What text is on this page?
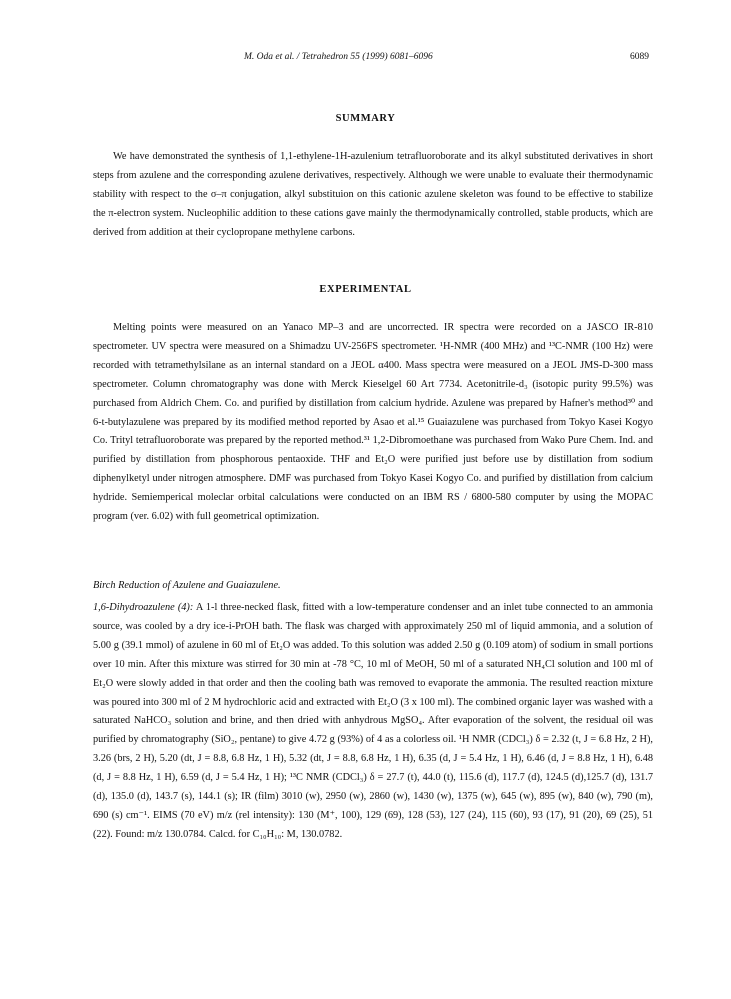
M. Oda et al. / Tetrahedron 55 (1999) 6081–6096	6089
SUMMARY
We have demonstrated the synthesis of 1,1-ethylene-1H-azulenium tetrafluoroborate and its alkyl substituted derivatives in short steps from azulene and the corresponding azulene derivatives, respectively. Although we were unable to evaluate their thermodynamic stability with respect to the σ–π conjugation, alkyl substituion on this cationic azulene skeleton was found to be effective to stabilize the π-electron system. Nucleophilic addition to these cations gave mainly the thermodynamically controlled, stable products, which are derived from addition at their cyclopropane methylene carbons.
EXPERIMENTAL
Melting points were measured on an Yanaco MP–3 and are uncorrected. IR spectra were recorded on a JASCO IR-810 spectrometer. UV spectra were measured on a Shimadzu UV-256FS spectrometer. ¹H-NMR (400 MHz) and ¹³C-NMR (100 Hz) were recorded with tetramethylsilane as an internal standard on a JEOL α400. Mass spectra were measured on a JEOL JMS-D-300 mass spectrometer. Column chromatography was done with Merck Kieselgel 60 Art 7734. Acetonitrile-d₃ (isotopic purity 99.5%) was purchased from Aldrich Chem. Co. and purified by distillation from calcium hydride. Azulene was prepared by Hafner's method³⁰ and 6-t-butylazulene was prepared by its modified method reported by Asao et al.¹⁵ Guaiazulene was purchased from Tokyo Kasei Kogyo Co. Trityl tetrafluoroborate was prepared by the reported method.³¹ 1,2-Dibromoethane was purchased from Wako Pure Chem. Ind. and purified by distillation from phosphorous pentaoxide. THF and Et₂O were purified just before use by distillation from sodium diphenylketyl under nitrogen atmosphere. DMF was purchased from Tokyo Kasei Kogyo Co. and purified by distillation from calcium hydride. Semiemperical moleclar orbital calculations were conducted on an IBM RS / 6800-580 computer by using the MOPAC program (ver. 6.02) with full geometrical optimization.
Birch Reduction of Azulene and Guaiazulene.
1,6-Dihydroazulene (4): A 1-l three-necked flask, fitted with a low-temperature condenser and an inlet tube connected to an ammonia source, was cooled by a dry ice-i-PrOH bath. The flask was charged with approximately 250 ml of liquid ammonia, and a solution of 5.00 g (39.1 mmol) of azulene in 60 ml of Et₂O was added. To this solution was added 2.50 g (0.109 atom) of sodium in small portions over 10 min. After this mixture was stirred for 30 min at -78 °C, 10 ml of MeOH, 50 ml of a saturated NH₄Cl solution and 100 ml of Et₂O were slowly added in that order and then the cooling bath was removed to evaporate the ammonia. The resulted reaction mixture was poured into 300 ml of 2 M hydrochloric acid and extracted with Et₂O (3 x 100 ml). The combined organic layer was washed with a saturated NaHCO₃ solution and brine, and then dried with anhydrous MgSO₄. After evaporation of the solvent, the residual oil was purified by chromatography (SiO₂, pentane) to give 4.72 g (93%) of 4 as a colorless oil. ¹H NMR (CDCl₃) δ = 2.32 (t, J = 6.8 Hz, 2 H), 3.26 (brs, 2 H), 5.20 (dt, J = 8.8, 6.8 Hz, 1 H), 5.32 (dt, J = 8.8, 6.8 Hz, 1 H), 6.35 (d, J = 5.4 Hz, 1 H), 6.46 (d, J = 8.8 Hz, 1 H), 6.48 (d, J = 8.8 Hz, 1 H), 6.59 (d, J = 5.4 Hz, 1 H); ¹³C NMR (CDCl₃) δ = 27.7 (t), 44.0 (t), 115.6 (d), 117.7 (d), 124.5 (d),125.7 (d), 131.7 (d), 135.0 (d), 143.7 (s), 144.1 (s); IR (film) 3010 (w), 2950 (w), 2860 (w), 1430 (w), 1375 (w), 645 (w), 895 (w), 840 (w), 790 (m), 690 (s) cm⁻¹. EIMS (70 eV) m/z (rel intensity): 130 (M⁺, 100), 129 (69), 128 (53), 127 (24), 115 (60), 93 (17), 91 (20), 69 (25), 51 (22). Found: m/z 130.0784. Calcd. for C₁₀H₁₀: M, 130.0782.
